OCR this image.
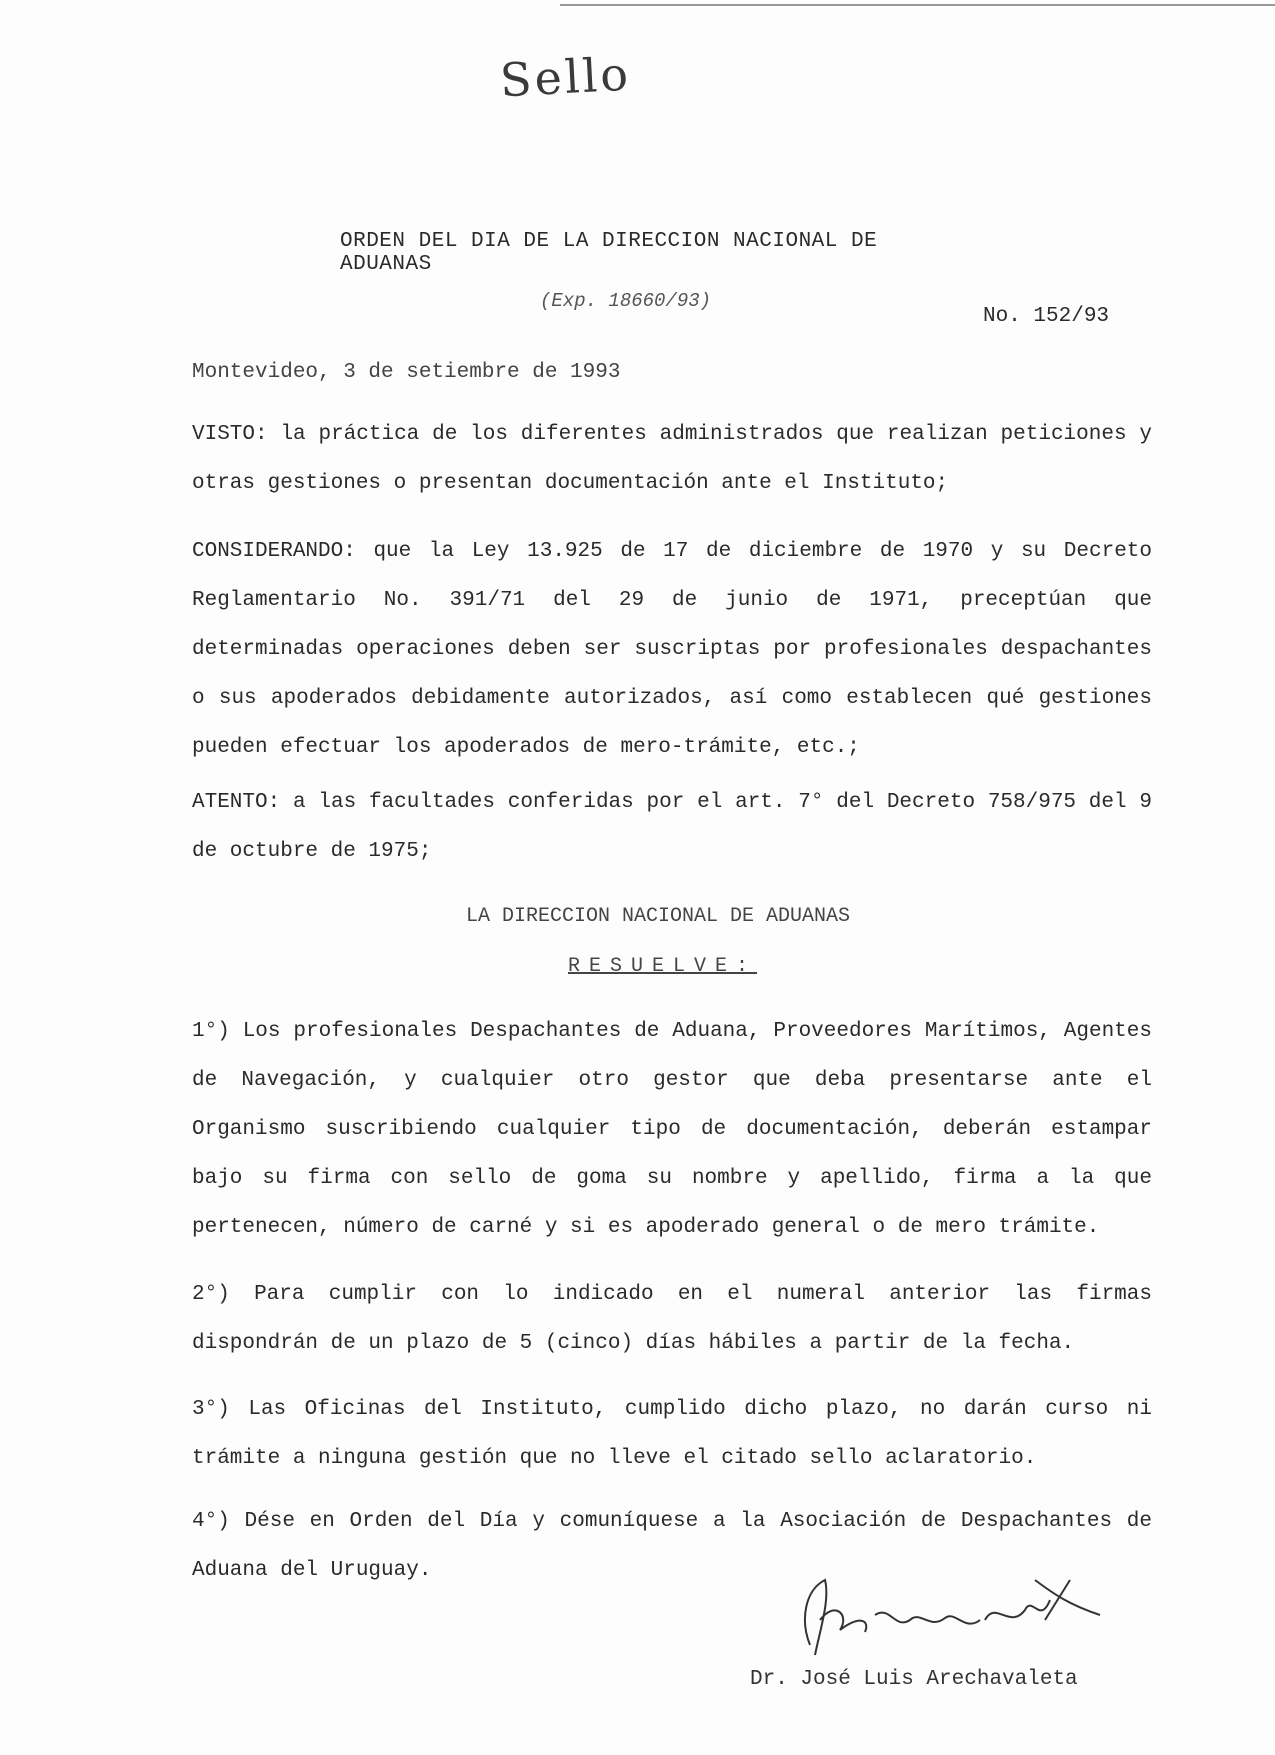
Sello
ORDEN DEL DIA DE LA DIRECCION NACIONAL DE ADUANAS
(Exp. 18660/93)
No. 152/93
Montevideo, 3 de setiembre de 1993
VISTO: la práctica de los diferentes administrados que realizan peticiones y otras gestiones o presentan documentación ante el Instituto;
CONSIDERANDO: que la Ley 13.925 de 17 de diciembre de 1970 y su Decreto Reglamentario No. 391/71 del 29 de junio de 1971, preceptúan que determinadas operaciones deben ser suscriptas por profesionales despachantes o sus apoderados debidamente autorizados, así como establecen qué gestiones pueden efectuar los apoderados de mero-trámite, etc.;
ATENTO: a las facultades conferidas por el art. 7° del Decreto 758/975 del 9 de octubre de 1975;
LA DIRECCION NACIONAL DE ADUANAS
RESUELVE:
1°) Los profesionales Despachantes de Aduana, Proveedores Marítimos, Agentes de Navegación, y cualquier otro gestor que deba presentarse ante el Organismo suscribiendo cualquier tipo de documentación, deberán estampar bajo su firma con sello de goma su nombre y apellido, firma a la que pertenecen, número de carné y si es apoderado general o de mero trámite.
2°) Para cumplir con lo indicado en el numeral anterior las firmas dispondrán de un plazo de 5 (cinco) días hábiles a partir de la fecha.
3°) Las Oficinas del Instituto, cumplido dicho plazo, no darán curso ni trámite a ninguna gestión que no lleve el citado sello aclaratorio.
4°) Dése en Orden del Día y comuníquese a la Asociación de Despachantes de Aduana del Uruguay.
Dr. José Luis Arechavaleta
